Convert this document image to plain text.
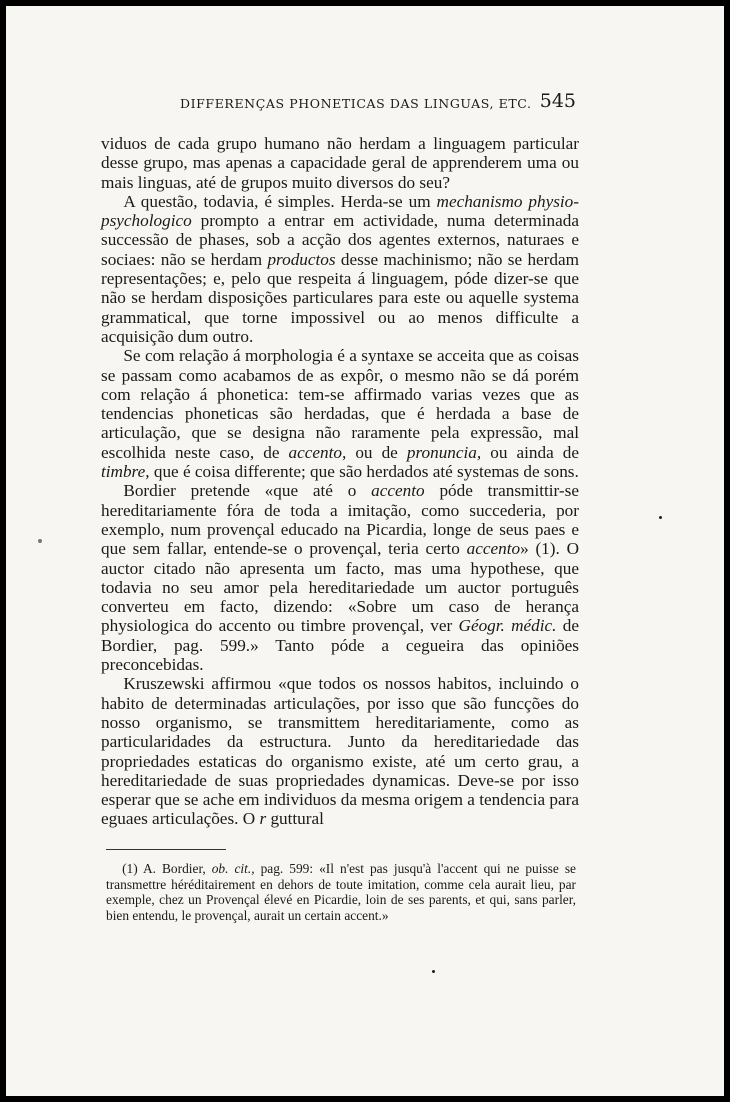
DIFFERENÇAS PHONETICAS DAS LINGUAS, ETC. 545

viduos de cada grupo humano não herdam a linguagem particular desse grupo, mas apenas a capacidade geral de apprenderem uma ou mais linguas, até de grupos muito diversos do seu?

A questão, todavia, é simples. Herda-se um mechanismo physio-psychologico prompto a entrar em actividade, numa determinada successão de phases, sob a acção dos agentes externos, naturaes e sociaes: não se herdam productos desse machinismo; não se herdam representações; e, pelo que respeita á linguagem, póde dizer-se que não se herdam disposições particulares para este ou aquelle systema grammatical, que torne impossivel ou ao menos difficulte a acquisição dum outro.

Se com relação á morphologia é a syntaxe se acceita que as coisas se passam como acabamos de as expôr, o mesmo não se dá porém com relação á phonetica: tem-se affirmado varias vezes que as tendencias phoneticas são herdadas, que é herdada a base de articulação, que se designa não raramente pela expressão, mal escolhida neste caso, de accento, ou de pronuncia, ou ainda de timbre, que é coisa differente; que são herdados até systemas de sons.

Bordier pretende «que até o accento póde transmittir-se hereditariamente fóra de toda a imitação, como succederia, por exemplo, num provençal educado na Picardia, longe de seus paes e que sem fallar, entende-se o provençal, teria certo accento» (1). O auctor citado não apresenta um facto, mas uma hypothese, que todavia no seu amor pela hereditariedade um auctor português converteu em facto, dizendo: «Sobre um caso de herança physiologica do accento ou timbre provençal, ver Géogr. médic. de Bordier, pag. 599.» Tanto póde a cegueira das opiniões preconcebidas.

Kruszewski affirmou «que todos os nossos habitos, incluindo o habito de determinadas articulações, por isso que são funcções do nosso organismo, se transmittem hereditariamente, como as particularidades da estructura. Junto da hereditariedade das propriedades estaticas do organismo existe, até um certo grau, a hereditariedade de suas propriedades dynamicas. Deve-se por isso esperar que se ache em individuos da mesma origem a tendencia para eguaes articulações. O r guttural

(1) A. Bordier, ob. cit., pag. 599: «Il n'est pas jusqu'à l'accent qui ne puisse se transmettre héréditairement en dehors de toute imitation, comme cela aurait lieu, par exemple, chez un Provençal élevé en Picardie, loin de ses parents, et qui, sans parler, bien entendu, le provençal, aurait un certain accent.»
